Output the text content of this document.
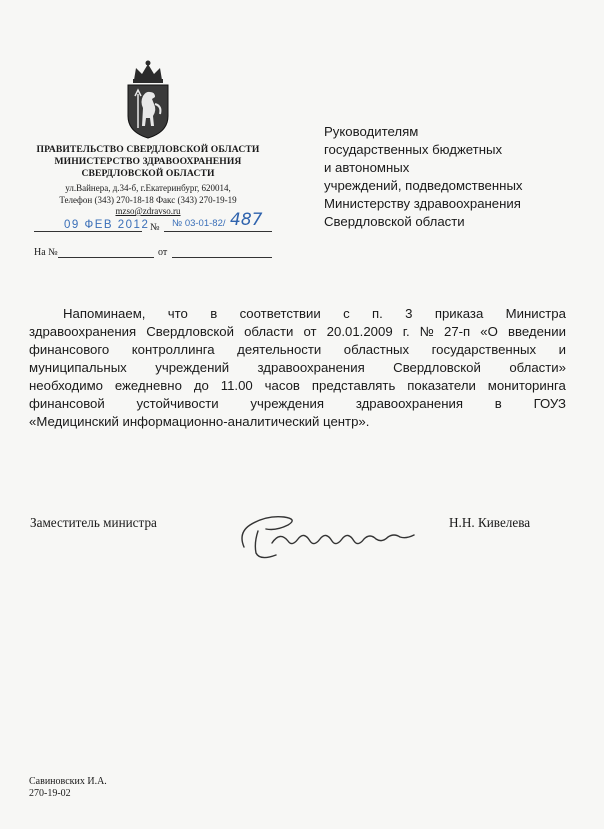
ПРАВИТЕЛЬСТВО СВЕРДЛОВСКОЙ ОБЛАСТИ
МИНИСТЕРСТВО ЗДРАВООХРАНЕНИЯ
СВЕРДЛОВСКОЙ ОБЛАСТИ
ул.Вайнера, д.34-б, г.Екатеринбург, 620014,
Телефон (343) 270-18-18 Факс (343) 270-19-19
mzso@zdravso.ru
09 ФЕВ 2012 № № 03-01-82/ 487
На №	от
Руководителям
государственных бюджетных
и автономных
учреждений, подведомственных
Министерству здравоохранения
Свердловской области
Напоминаем, что в соответствии с п. 3 приказа Министра
здравоохранения Свердловской области от 20.01.2009 г. № 27-п «О введении
финансового контроллинга деятельности областных государственных и
муниципальных учреждений здравоохранения Свердловской области»
необходимо ежедневно до 11.00 часов представлять показатели мониторинга
финансовой устойчивости учреждения здравоохранения в ГОУЗ
«Медицинский информационно-аналитический центр».
Заместитель министра	Н.Н. Кивелева
Савиновских И.А.
270-19-02
